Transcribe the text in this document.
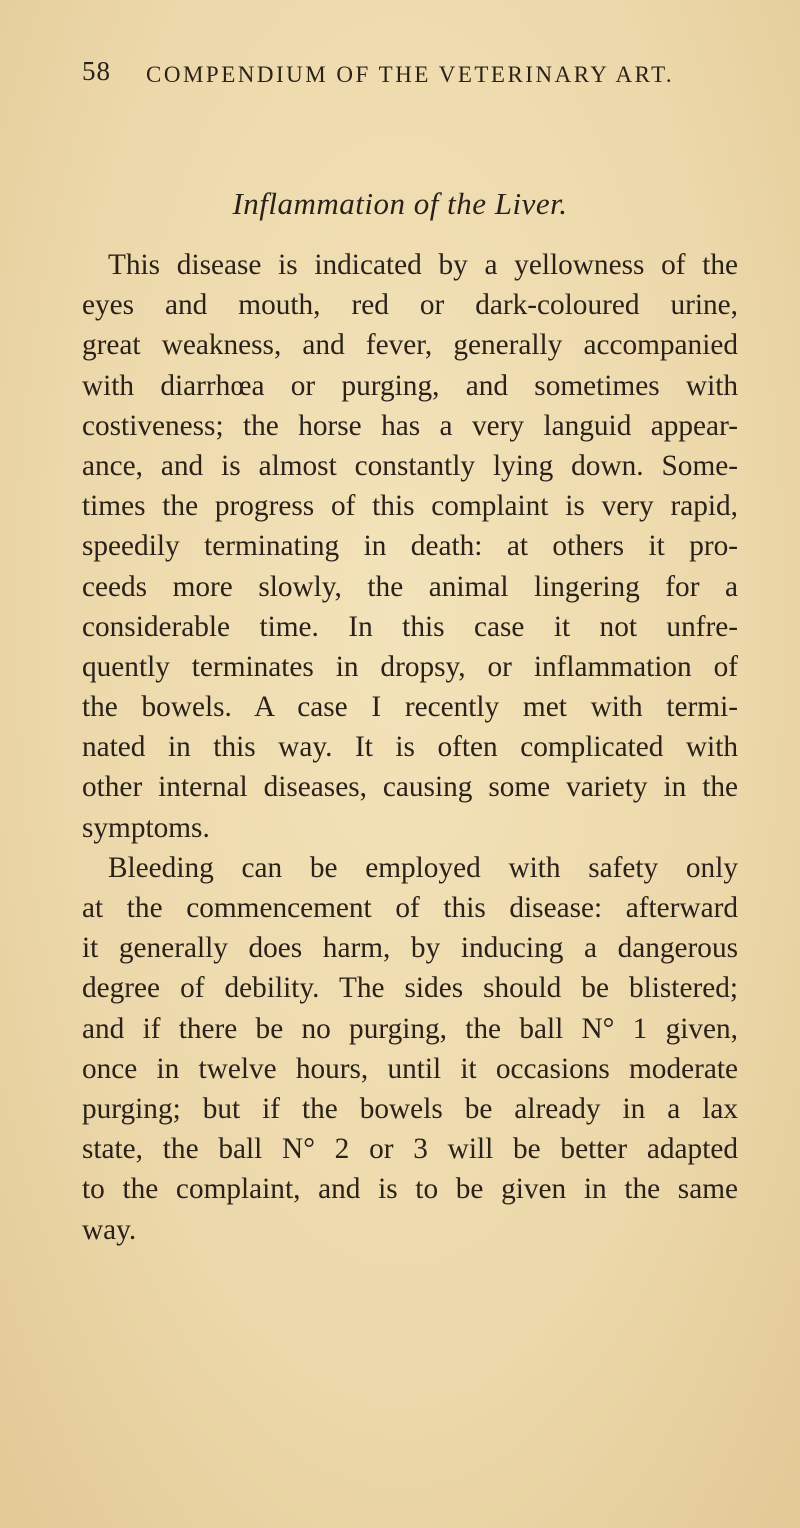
58 COMPENDIUM OF THE VETERINARY ART.
Inflammation of the Liver.
This disease is indicated by a yellowness of the
eyes and mouth, red or dark-coloured urine,
great weakness, and fever, generally accompanied
with diarrhœa or purging, and sometimes with
costiveness; the horse has a very languid appear-
ance, and is almost constantly lying down. Some-
times the progress of this complaint is very rapid,
speedily terminating in death: at others it pro-
ceeds more slowly, the animal lingering for a
considerable time. In this case it not unfre-
quently terminates in dropsy, or inflammation of
the bowels. A case I recently met with termi-
nated in this way. It is often complicated with
other internal diseases, causing some variety in the
symptoms.
Bleeding can be employed with safety only
at the commencement of this disease: afterward
it generally does harm, by inducing a dangerous
degree of debility. The sides should be blistered;
and if there be no purging, the ball N° 1 given,
once in twelve hours, until it occasions moderate
purging; but if the bowels be already in a lax
state, the ball N° 2 or 3 will be better adapted
to the complaint, and is to be given in the same
way.
